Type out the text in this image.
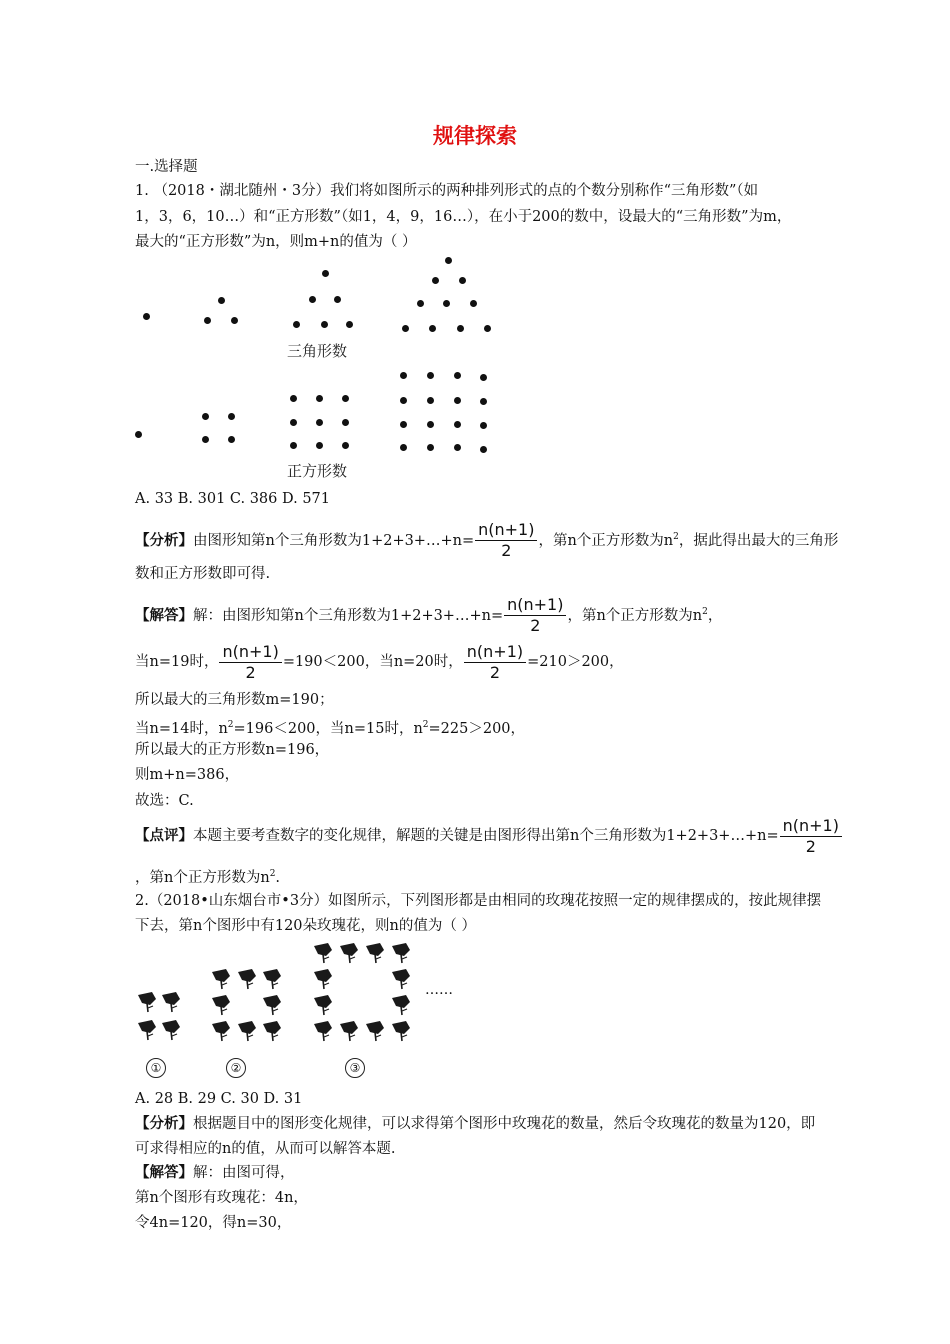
规律探索
一.选择题
1. （2018・湖北随州・3分）我们将如图所示的两种排列形式的点的个数分别称作“三角形数”（如
1，3，6，10…）和“正方形数”（如1，4，9，16…），在小于200的数中，设最大的“三角形数”为m，
最大的“正方形数”为n，则m+n的值为（ ）
三角形数
正方形数
A. 33 B. 301 C. 386 D. 571
【分析】由图形知第n个三角形数为1+2+3+…+n= $\frac{n(n+1)}{2}$ ，第n个正方形数为$n^2$，据此得出最大的三角形
数和正方形数即可得.
【解答】解：由图形知第n个三角形数为1+2+3+…+n= $\frac{n(n+1)}{2}$ ，第n个正方形数为$n^2$，
当n=19时， $\frac{n(n+1)}{2} =190<200$，当n=20时， $\frac{n(n+1)}{2} =210>200$，
所以最大的三角形数m=190；
当n=14时，$n^2=196<200$，当n=15时，$n^2=225>200$，
所以最大的正方形数n=196，
则m+n=386，
故选：C.
【点评】本题主要考查数字的变化规律，解题的关键是由图形得出第n个三角形数为1+2+3+…+n= $\frac{n(n+1)}{2}$
，第n个正方形数为$n^2$.
2.（2018•山东烟台市•3分）如图所示，下列图形都是由相同的玫瑰花按照一定的规律摆成的，按此规律摆
下去，第n个图形中有120朵玫瑰花，则n的值为（ ）
①	②	③
……
A. 28 B. 29 C. 30 D. 31
【分析】根据题目中的图形变化规律，可以求得第个图形中玫瑰花的数量，然后令玫瑰花的数量为120，即
可求得相应的n的值，从而可以解答本题.
【解答】解：由图可得，
第n个图形有玫瑰花：4n，
令4n=120，得n=30，
